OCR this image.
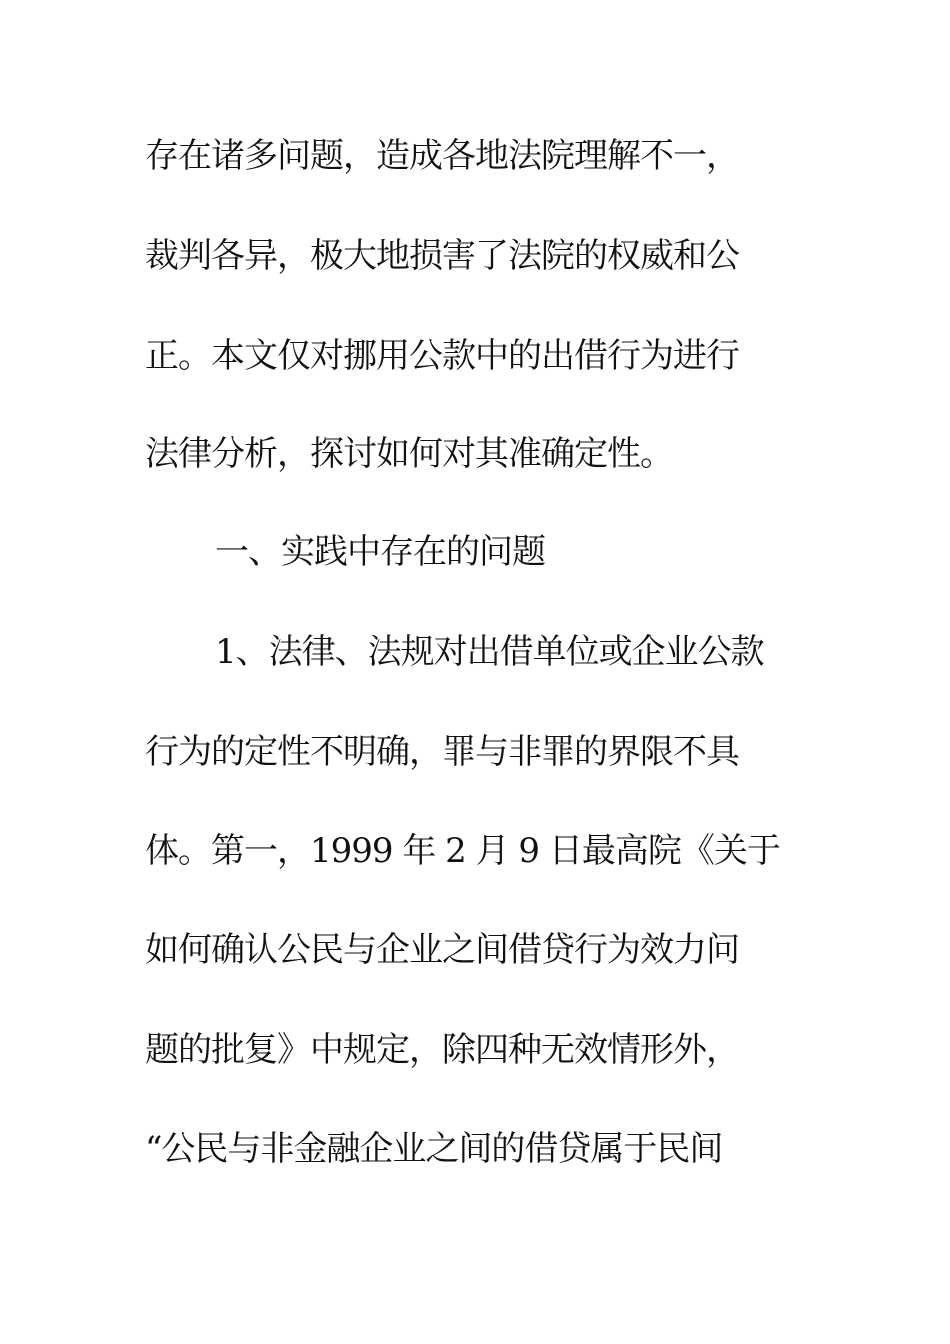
存在诸多问题，造成各地法院理解不一，
裁判各异，极大地损害了法院的权威和公
正。本文仅对挪用公款中的出借行为进行
法律分析，探讨如何对其准确定性。
一、实践中存在的问题
1、法律、法规对出借单位或企业公款
行为的定性不明确，罪与非罪的界限不具
体。第一，1999 年 2 月 9 日最高院《关于
如何确认公民与企业之间借贷行为效力问
题的批复》中规定，除四种无效情形外，
“公民与非金融企业之间的借贷属于民间
